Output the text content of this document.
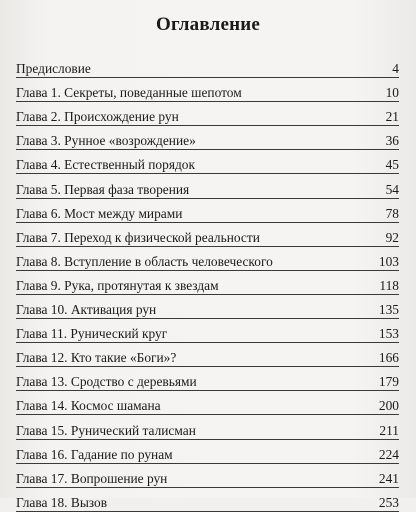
Оглавление
Предисловие	4
Глава 1. Секреты, поведанные шепотом	10
Глава 2. Происхождение рун	21
Глава 3. Рунное «возрождение»	36
Глава 4. Естественный порядок	45
Глава 5. Первая фаза творения	54
Глава 6. Мост между мирами	78
Глава 7. Переход к физической реальности	92
Глава 8. Вступление в область человеческого	103
Глава 9. Рука, протянутая к звездам	118
Глава 10. Активация рун	135
Глава 11. Рунический круг	153
Глава 12. Кто такие «Боги»?	166
Глава 13. Сродство с деревьями	179
Глава 14. Космос шамана	200
Глава 15. Рунический талисман	211
Глава 16. Гадание по рунам	224
Глава 17. Вопрошение рун	241
Глава 18. Вызов	253
